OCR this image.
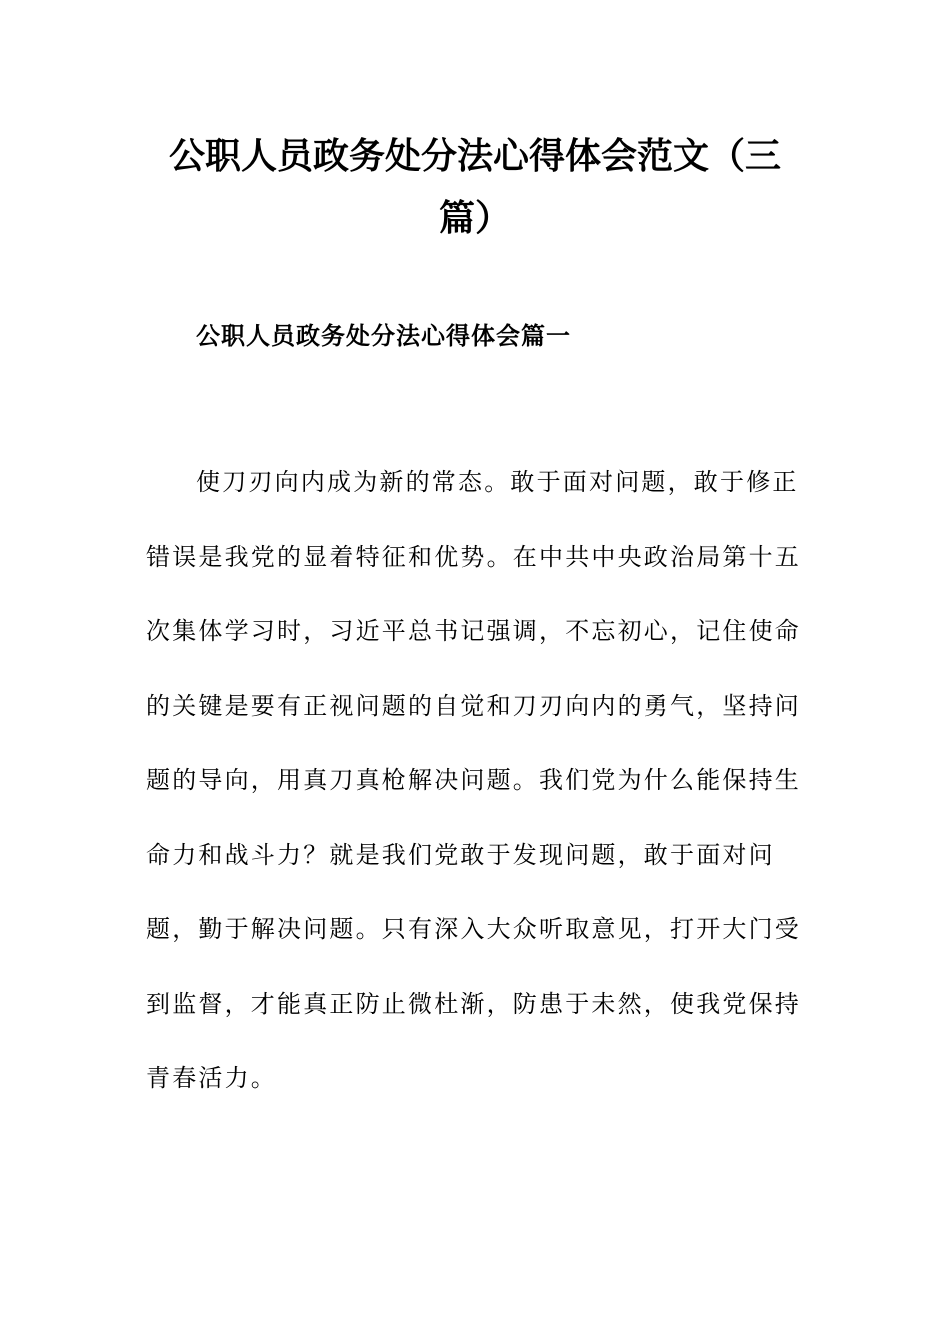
公职人员政务处分法心得体会范文（三
篇）
公职人员政务处分法心得体会篇一

使刀刃向内成为新的常态。敢于面对问题，敢于修正
错误是我党的显着特征和优势。在中共中央政治局第十五
次集体学习时，习近平总书记强调，不忘初心，记住使命
的关键是要有正视问题的自觉和刀刃向内的勇气，坚持问
题的导向，用真刀真枪解决问题。我们党为什么能保持生
命力和战斗力？就是我们党敢于发现问题，敢于面对问
题，勤于解决问题。只有深入大众听取意见，打开大门受
到监督，才能真正防止微杜渐，防患于未然，使我党保持
青春活力。
